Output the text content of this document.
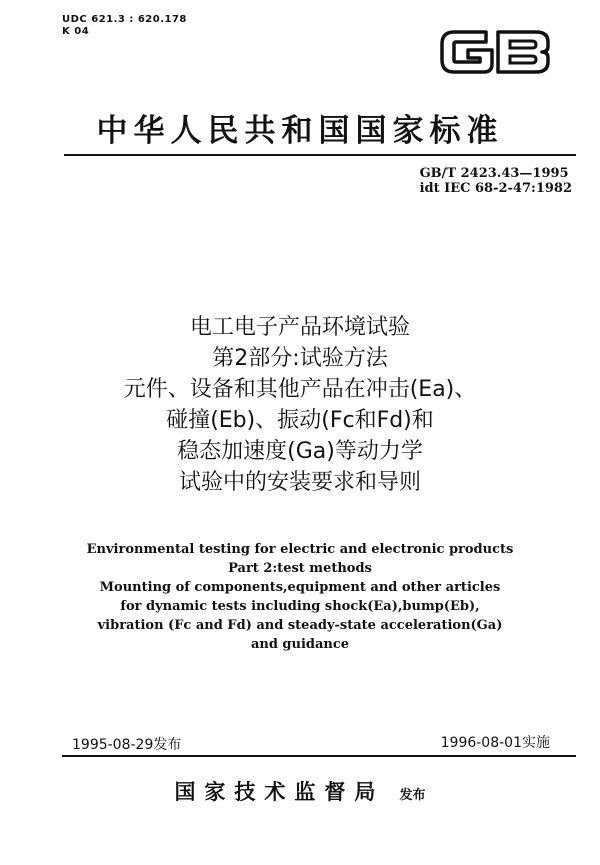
UDC 621.3 : 620.178
K 04
中华人民共和国国家标准
GB/T 2423.43—1995
idt IEC 68-2-47:1982
电工电子产品环境试验
第2部分:试验方法
元件、设备和其他产品在冲击(Ea)、
碰撞(Eb)、振动(Fc和Fd)和
稳态加速度(Ga)等动力学
试验中的安装要求和导则
Environmental testing for electric and electronic products
Part 2:test methods
Mounting of components,equipment and other articles
for dynamic tests including shock(Ea),bump(Eb),
vibration (Fc and Fd) and steady-state acceleration(Ga)
and guidance
1995-08-29发布	1996-08-01实施
国家技术监督局 发布
